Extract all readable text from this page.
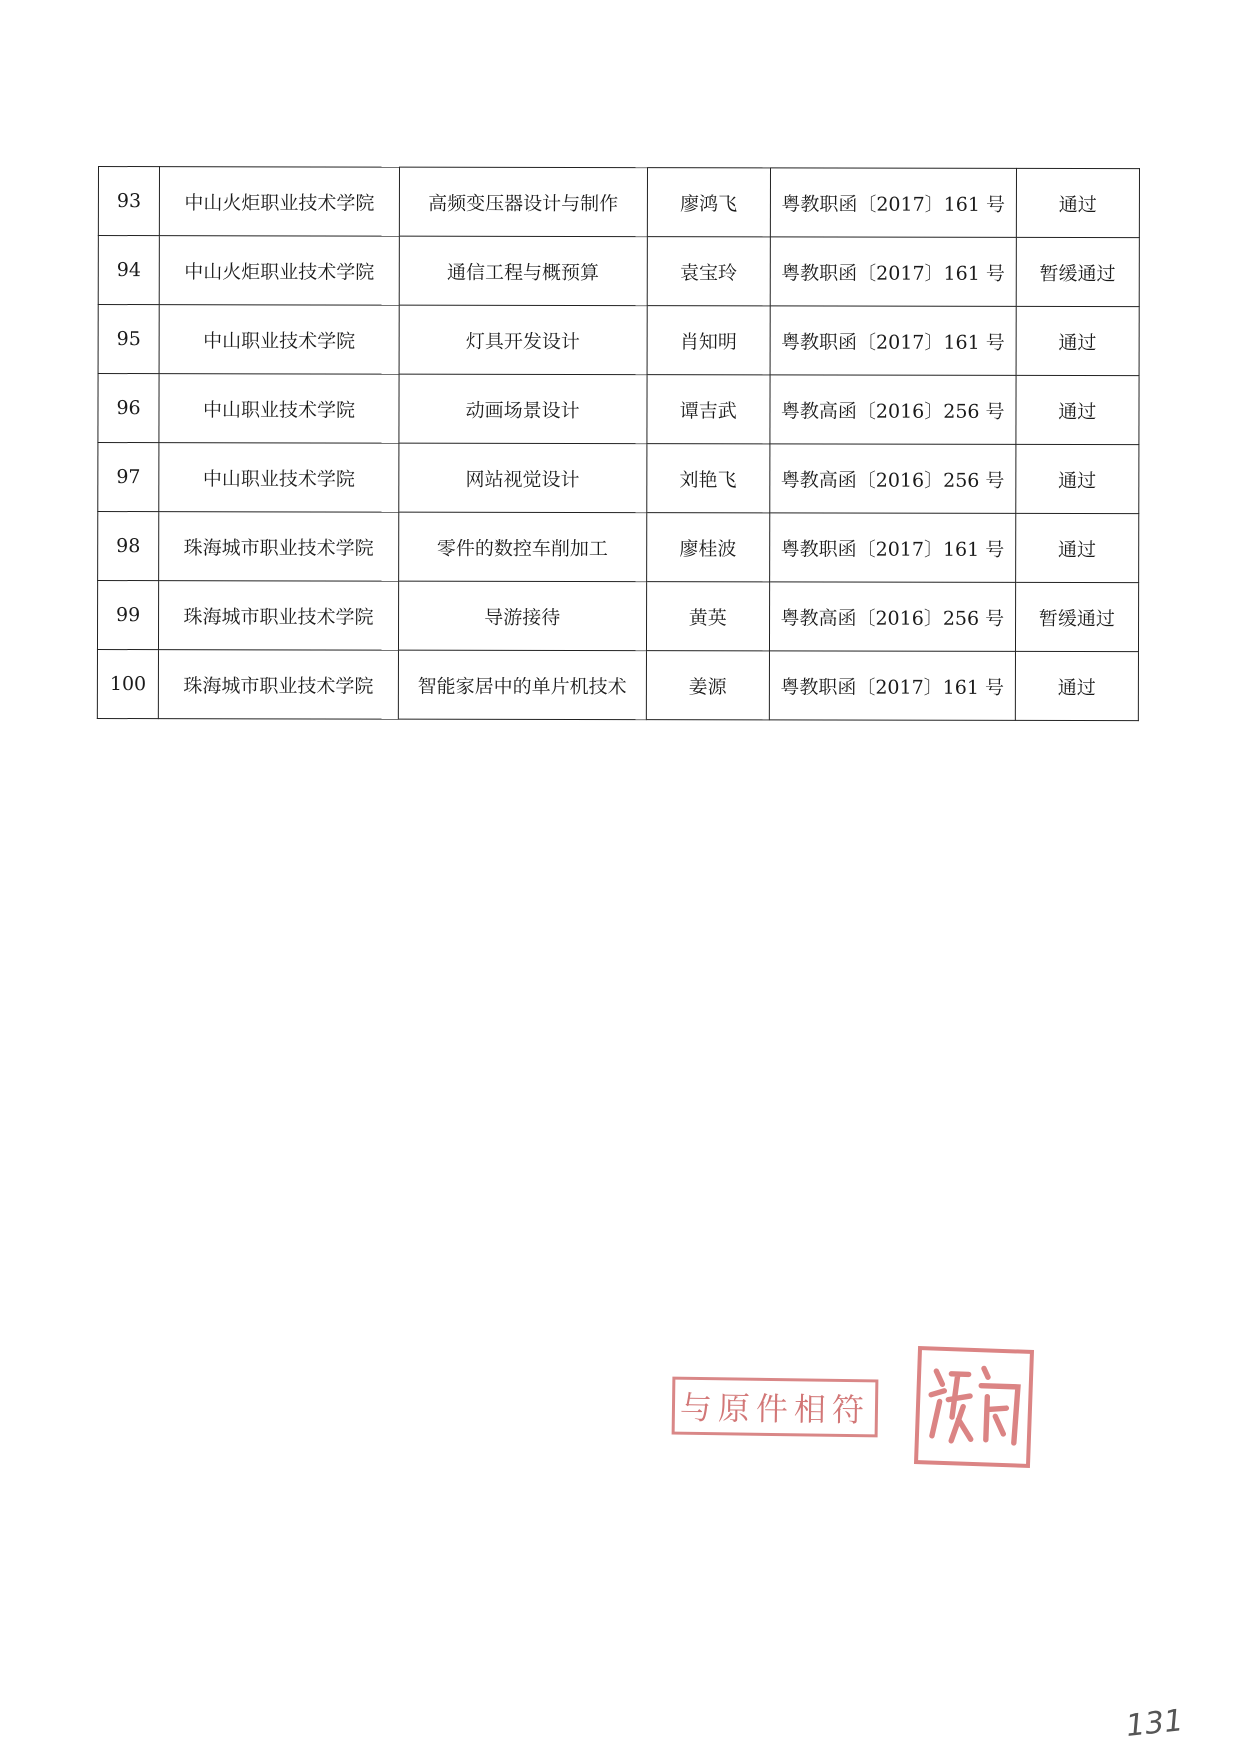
93	中山火炬职业技术学院	高频变压器设计与制作	廖鸿飞	粤教职函〔2017〕161 号	通过
94	中山火炬职业技术学院	通信工程与概预算	袁宝玲	粤教职函〔2017〕161 号	暂缓通过
95	中山职业技术学院	灯具开发设计	肖知明	粤教职函〔2017〕161 号	通过
96	中山职业技术学院	动画场景设计	谭吉武	粤教高函〔2016〕256 号	通过
97	中山职业技术学院	网站视觉设计	刘艳飞	粤教高函〔2016〕256 号	通过
98	珠海城市职业技术学院	零件的数控车削加工	廖桂波	粤教职函〔2017〕161 号	通过
99	珠海城市职业技术学院	导游接待	黄英	粤教高函〔2016〕256 号	暂缓通过
100	珠海城市职业技术学院	智能家居中的单片机技术	姜源	粤教职函〔2017〕161 号	通过
与原件相符
131
